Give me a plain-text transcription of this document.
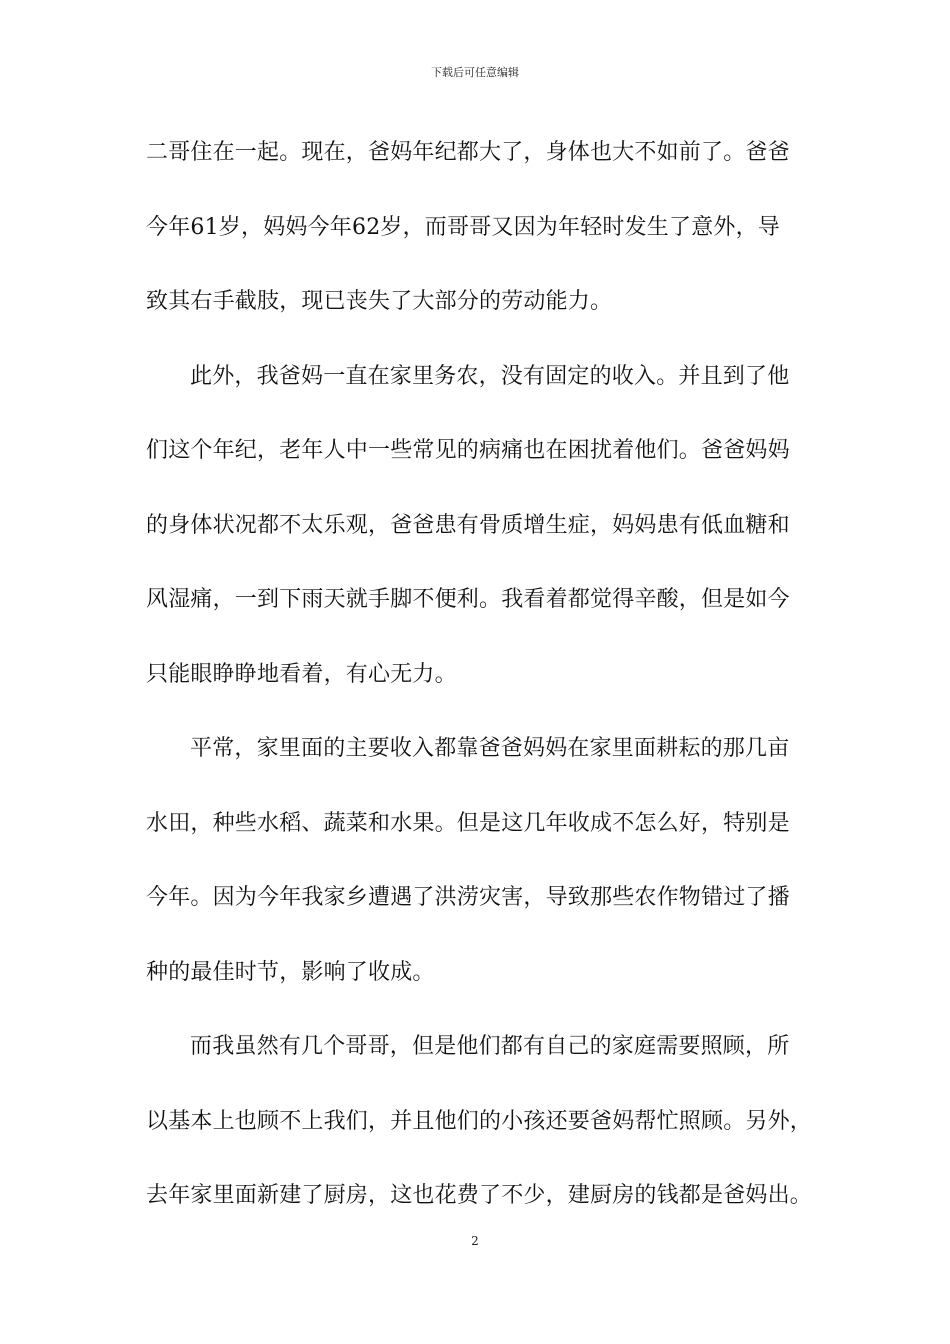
下载后可任意编辑
二哥住在一起。现在，爸妈年纪都大了，身体也大不如前了。爸爸
今年61岁，妈妈今年62岁，而哥哥又因为年轻时发生了意外，导
致其右手截肢，现已丧失了大部分的劳动能力。
此外，我爸妈一直在家里务农，没有固定的收入。并且到了他
们这个年纪，老年人中一些常见的病痛也在困扰着他们。爸爸妈妈
的身体状况都不太乐观，爸爸患有骨质增生症，妈妈患有低血糖和
风湿痛，一到下雨天就手脚不便利。我看着都觉得辛酸，但是如今
只能眼睁睁地看着，有心无力。
平常，家里面的主要收入都靠爸爸妈妈在家里面耕耘的那几亩
水田，种些水稻、蔬菜和水果。但是这几年收成不怎么好，特别是
今年。因为今年我家乡遭遇了洪涝灾害，导致那些农作物错过了播
种的最佳时节，影响了收成。
而我虽然有几个哥哥，但是他们都有自己的家庭需要照顾，所
以基本上也顾不上我们，并且他们的小孩还要爸妈帮忙照顾。另外，
去年家里面新建了厨房，这也花费了不少，建厨房的钱都是爸妈出。
2
